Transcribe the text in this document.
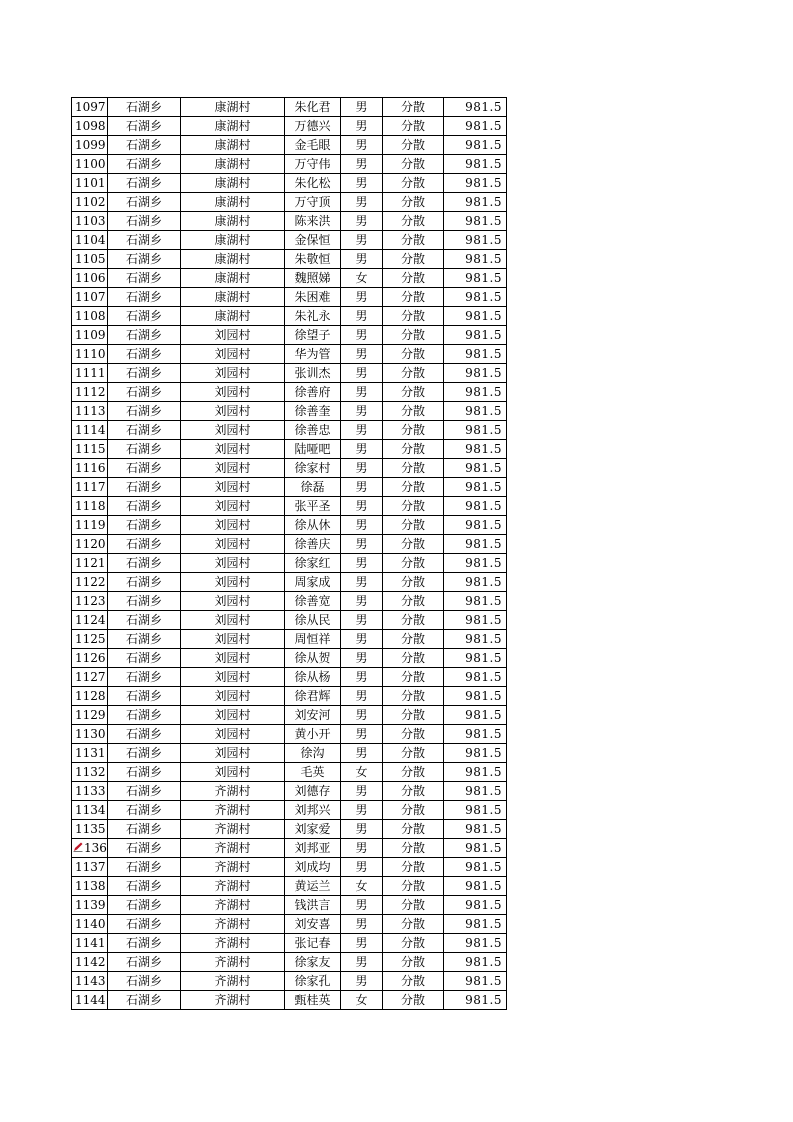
1097	石湖乡	康湖村	朱化君	男	分散	981.5
1098	石湖乡	康湖村	万德兴	男	分散	981.5
1099	石湖乡	康湖村	金毛眼	男	分散	981.5
1100	石湖乡	康湖村	万守伟	男	分散	981.5
1101	石湖乡	康湖村	朱化松	男	分散	981.5
1102	石湖乡	康湖村	万守顶	男	分散	981.5
1103	石湖乡	康湖村	陈来洪	男	分散	981.5
1104	石湖乡	康湖村	金保恒	男	分散	981.5
1105	石湖乡	康湖村	朱敬恒	男	分散	981.5
1106	石湖乡	康湖村	魏照娣	女	分散	981.5
1107	石湖乡	康湖村	朱困难	男	分散	981.5
1108	石湖乡	康湖村	朱礼永	男	分散	981.5
1109	石湖乡	刘园村	徐望子	男	分散	981.5
1110	石湖乡	刘园村	华为管	男	分散	981.5
1111	石湖乡	刘园村	张训杰	男	分散	981.5
1112	石湖乡	刘园村	徐善府	男	分散	981.5
1113	石湖乡	刘园村	徐善奎	男	分散	981.5
1114	石湖乡	刘园村	徐善忠	男	分散	981.5
1115	石湖乡	刘园村	陆哑吧	男	分散	981.5
1116	石湖乡	刘园村	徐家村	男	分散	981.5
1117	石湖乡	刘园村	徐磊	男	分散	981.5
1118	石湖乡	刘园村	张平圣	男	分散	981.5
1119	石湖乡	刘园村	徐从休	男	分散	981.5
1120	石湖乡	刘园村	徐善庆	男	分散	981.5
1121	石湖乡	刘园村	徐家红	男	分散	981.5
1122	石湖乡	刘园村	周家成	男	分散	981.5
1123	石湖乡	刘园村	徐善宽	男	分散	981.5
1124	石湖乡	刘园村	徐从民	男	分散	981.5
1125	石湖乡	刘园村	周恒祥	男	分散	981.5
1126	石湖乡	刘园村	徐从贺	男	分散	981.5
1127	石湖乡	刘园村	徐从杨	男	分散	981.5
1128	石湖乡	刘园村	徐君辉	男	分散	981.5
1129	石湖乡	刘园村	刘安河	男	分散	981.5
1130	石湖乡	刘园村	黄小开	男	分散	981.5
1131	石湖乡	刘园村	徐沟	男	分散	981.5
1132	石湖乡	刘园村	毛英	女	分散	981.5
1133	石湖乡	齐湖村	刘德存	男	分散	981.5
1134	石湖乡	齐湖村	刘邦兴	男	分散	981.5
1135	石湖乡	齐湖村	刘家爱	男	分散	981.5

136	石湖乡	齐湖村	刘邦亚	男	分散	981.5
1137	石湖乡	齐湖村	刘成均	男	分散	981.5
1138	石湖乡	齐湖村	黄运兰	女	分散	981.5
1139	石湖乡	齐湖村	钱洪言	男	分散	981.5
1140	石湖乡	齐湖村	刘安喜	男	分散	981.5
1141	石湖乡	齐湖村	张记春	男	分散	981.5
1142	石湖乡	齐湖村	徐家友	男	分散	981.5
1143	石湖乡	齐湖村	徐家孔	男	分散	981.5
1144	石湖乡	齐湖村	甄桂英	女	分散	981.5
